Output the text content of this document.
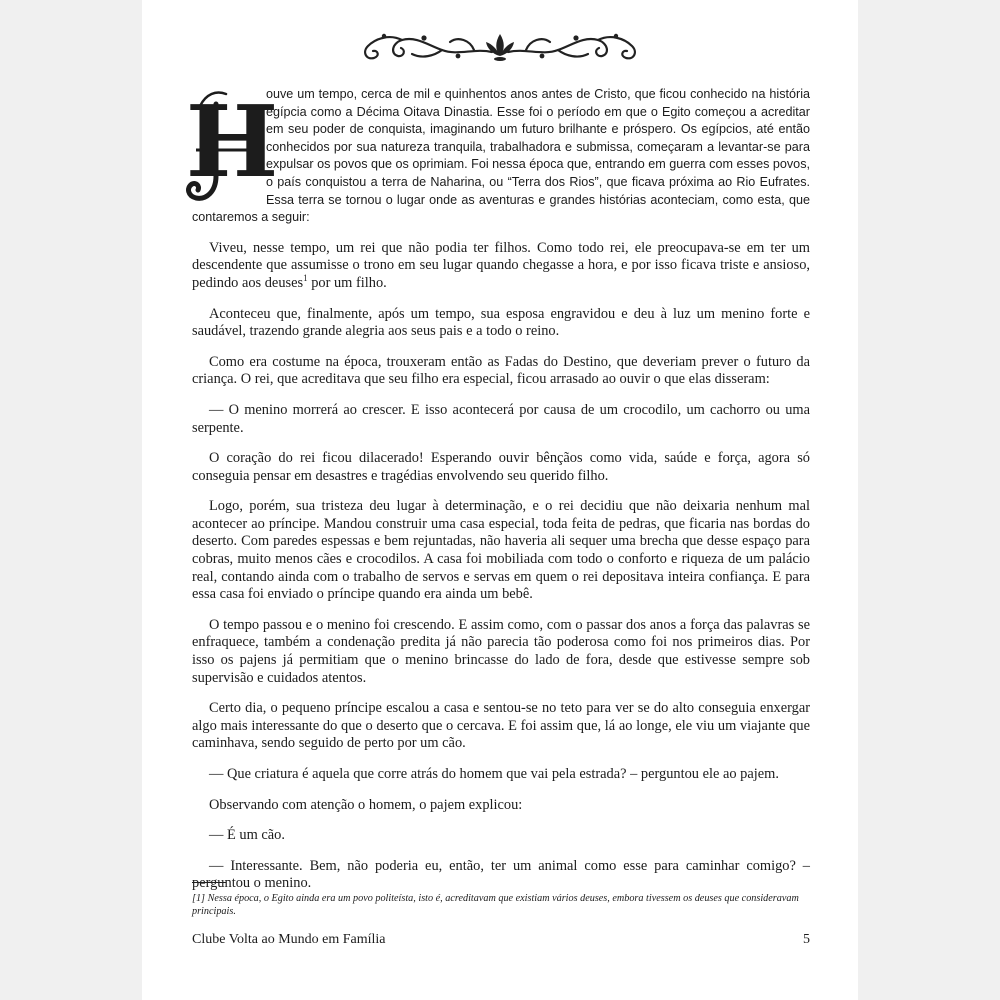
H
ouve um tempo, cerca de mil e quinhentos anos antes de Cristo, que ficou conhecido na história egípcia como a Décima Oitava Dinastia. Esse foi o período em que o Egito começou a acreditar em seu poder de conquista, imaginando um futuro brilhante e próspero. Os egípcios, até então conhecidos por sua natureza tranquila, trabalhadora e submissa, começaram a levantar-se para expulsar os povos que os oprimiam. Foi nessa época que, entrando em guerra com esses povos, o país conquistou a terra de Naharina, ou “Terra dos Rios”, que ficava próxima ao Rio Eufrates. Essa terra se tornou o lugar onde as aventuras e grandes histórias aconteciam, como esta, que contaremos a seguir:

Viveu, nesse tempo, um rei que não podia ter filhos. Como todo rei, ele preocupava-se em ter um descendente que assumisse o trono em seu lugar quando chegasse a hora, e por isso ficava triste e ansioso, pedindo aos deuses$^1$ por um filho.

Aconteceu que, finalmente, após um tempo, sua esposa engravidou e deu à luz um menino forte e saudável, trazendo grande alegria aos seus pais e a todo o reino.

Como era costume na época, trouxeram então as Fadas do Destino, que deveriam prever o futuro da criança. O rei, que acreditava que seu filho era especial, ficou arrasado ao ouvir o que elas disseram:

— O menino morrerá ao crescer. E isso acontecerá por causa de um crocodilo, um cachorro ou uma serpente.

O coração do rei ficou dilacerado! Esperando ouvir bênçãos como vida, saúde e força, agora só conseguia pensar em desastres e tragédias envolvendo seu querido filho.

Logo, porém, sua tristeza deu lugar à determinação, e o rei decidiu que não deixaria nenhum mal acontecer ao príncipe. Mandou construir uma casa especial, toda feita de pedras, que ficaria nas bordas do deserto. Com paredes espessas e bem rejuntadas, não haveria ali sequer uma brecha que desse espaço para cobras, muito menos cães e crocodilos. A casa foi mobiliada com todo o conforto e riqueza de um palácio real, contando ainda com o trabalho de servos e servas em quem o rei depositava inteira confiança. E para essa casa foi enviado o príncipe quando era ainda um bebê.

O tempo passou e o menino foi crescendo. E assim como, com o passar dos anos a força das palavras se enfraquece, também a condenação predita já não parecia tão poderosa como foi nos primeiros dias. Por isso os pajens já permitiam que o menino brincasse do lado de fora, desde que estivesse sempre sob supervisão e cuidados atentos.

Certo dia, o pequeno príncipe escalou a casa e sentou-se no teto para ver se do alto conseguia enxergar algo mais interessante do que o deserto que o cercava. E foi assim que, lá ao longe, ele viu um viajante que caminhava, sendo seguido de perto por um cão.

— Que criatura é aquela que corre atrás do homem que vai pela estrada? – perguntou ele ao pajem.

Observando com atenção o homem, o pajem explicou:

— É um cão.

— Interessante. Bem, não poderia eu, então, ter um animal como esse para caminhar comigo? – perguntou o menino.

[1] Nessa época, o Egito ainda era um povo politeísta, isto é, acreditavam que existiam vários deuses, embora tivessem os deuses que consideravam principais.
Clube Volta ao Mundo em Família	5
